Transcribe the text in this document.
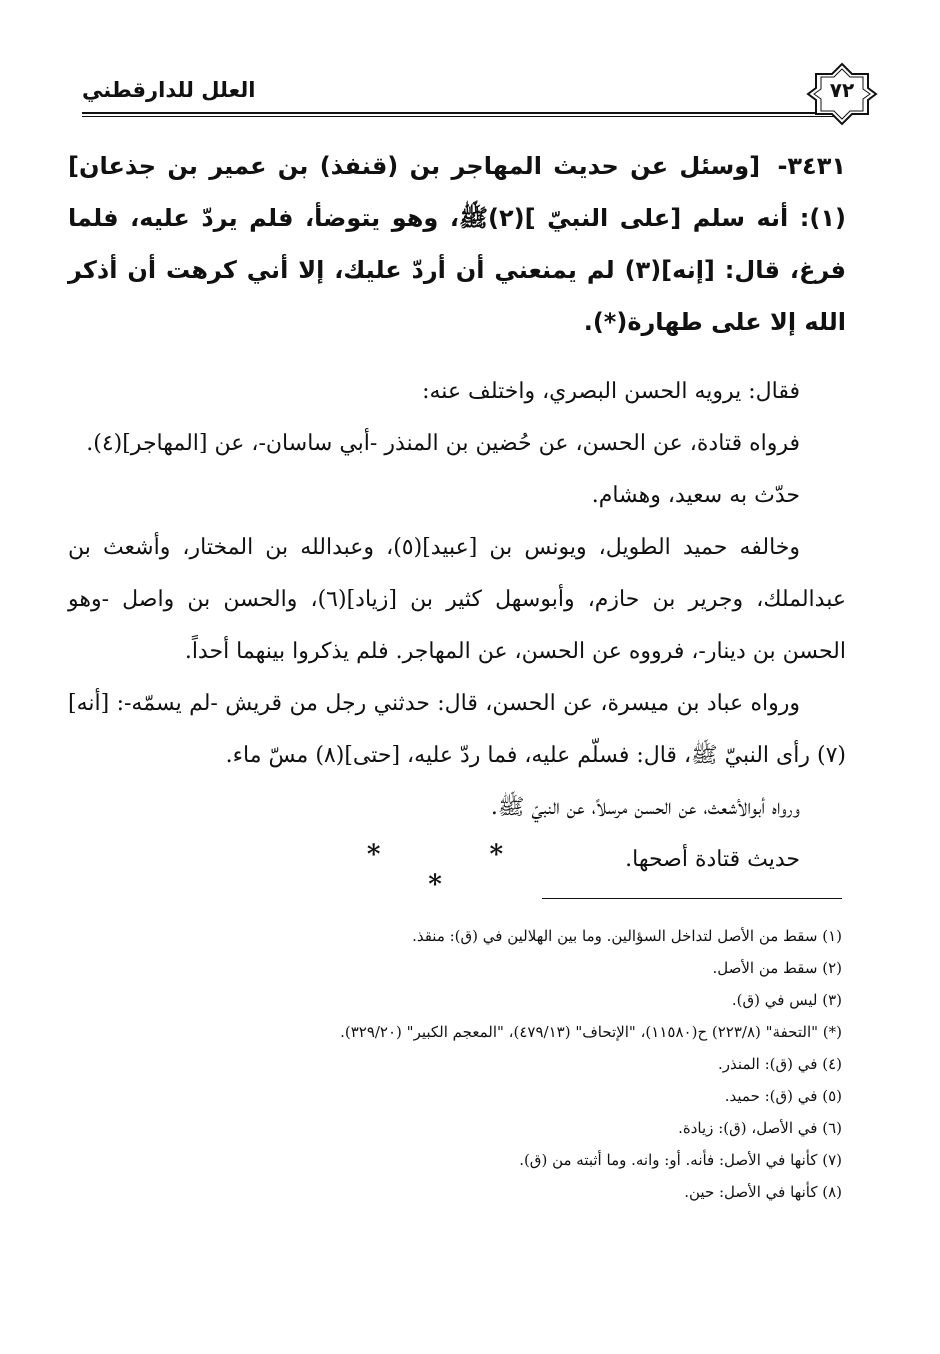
العلل للدارقطني	٧٢

٣٤٣١- [وسئل عن حديث المهاجر بن (قنفذ) بن عمير بن جذعان](١): أنه سلم [على النبيّ ](٢)ﷺ، وهو يتوضأ، فلم يردّ عليه، فلما فرغ، قال: [إنه](٣) لم يمنعني أن أردّ عليك، إلا أني كرهت أن أذكر الله إلا على طهارة(*).

فقال: يرويه الحسن البصري، واختلف عنه:

فرواه قتادة، عن الحسن، عن حُضين بن المنذر -أبي ساسان-، عن [المهاجر](٤).

حدّث به سعيد، وهشام.

وخالفه حميد الطويل، ويونس بن [عبيد](٥)، وعبدالله بن المختار، وأشعث بن عبدالملك، وجرير بن حازم، وأبوسهل كثير بن [زياد](٦)، والحسن بن واصل -وهو الحسن بن دينار-، فرووه عن الحسن، عن المهاجر. فلم يذكروا بينهما أحداً.

ورواه عباد بن ميسرة، عن الحسن، قال: حدثني رجل من قريش -لم يسمّه-: [أنه](٧) رأى النبيّ ﷺ، قال: فسلّم عليه، فما ردّ عليه، [حتى](٨) مسّ ماء.

ورواه أبوالأشعث، عن الحسن مرسلاً، عن النبيّ ﷺ.

حديث قتادة أصحها.

* * *

(١) سقط من الأصل لتداخل السؤالين. وما بين الهلالين في (ق): منقذ.

(٢) سقط من الأصل.

(٣) ليس في (ق).

(*) "التحفة" (٢٢٣/٨) ح(١١٥٨٠)، "الإتحاف" (٤٧٩/١٣)، "المعجم الكبير" (٣٢٩/٢٠).

(٤) في (ق): المنذر.

(٥) في (ق): حميد.

(٦) في الأصل، (ق): زيادة.

(٧) كأنها في الأصل: فأنه. أو: وانه. وما أثبته من (ق).

(٨) كأنها في الأصل: حين.
